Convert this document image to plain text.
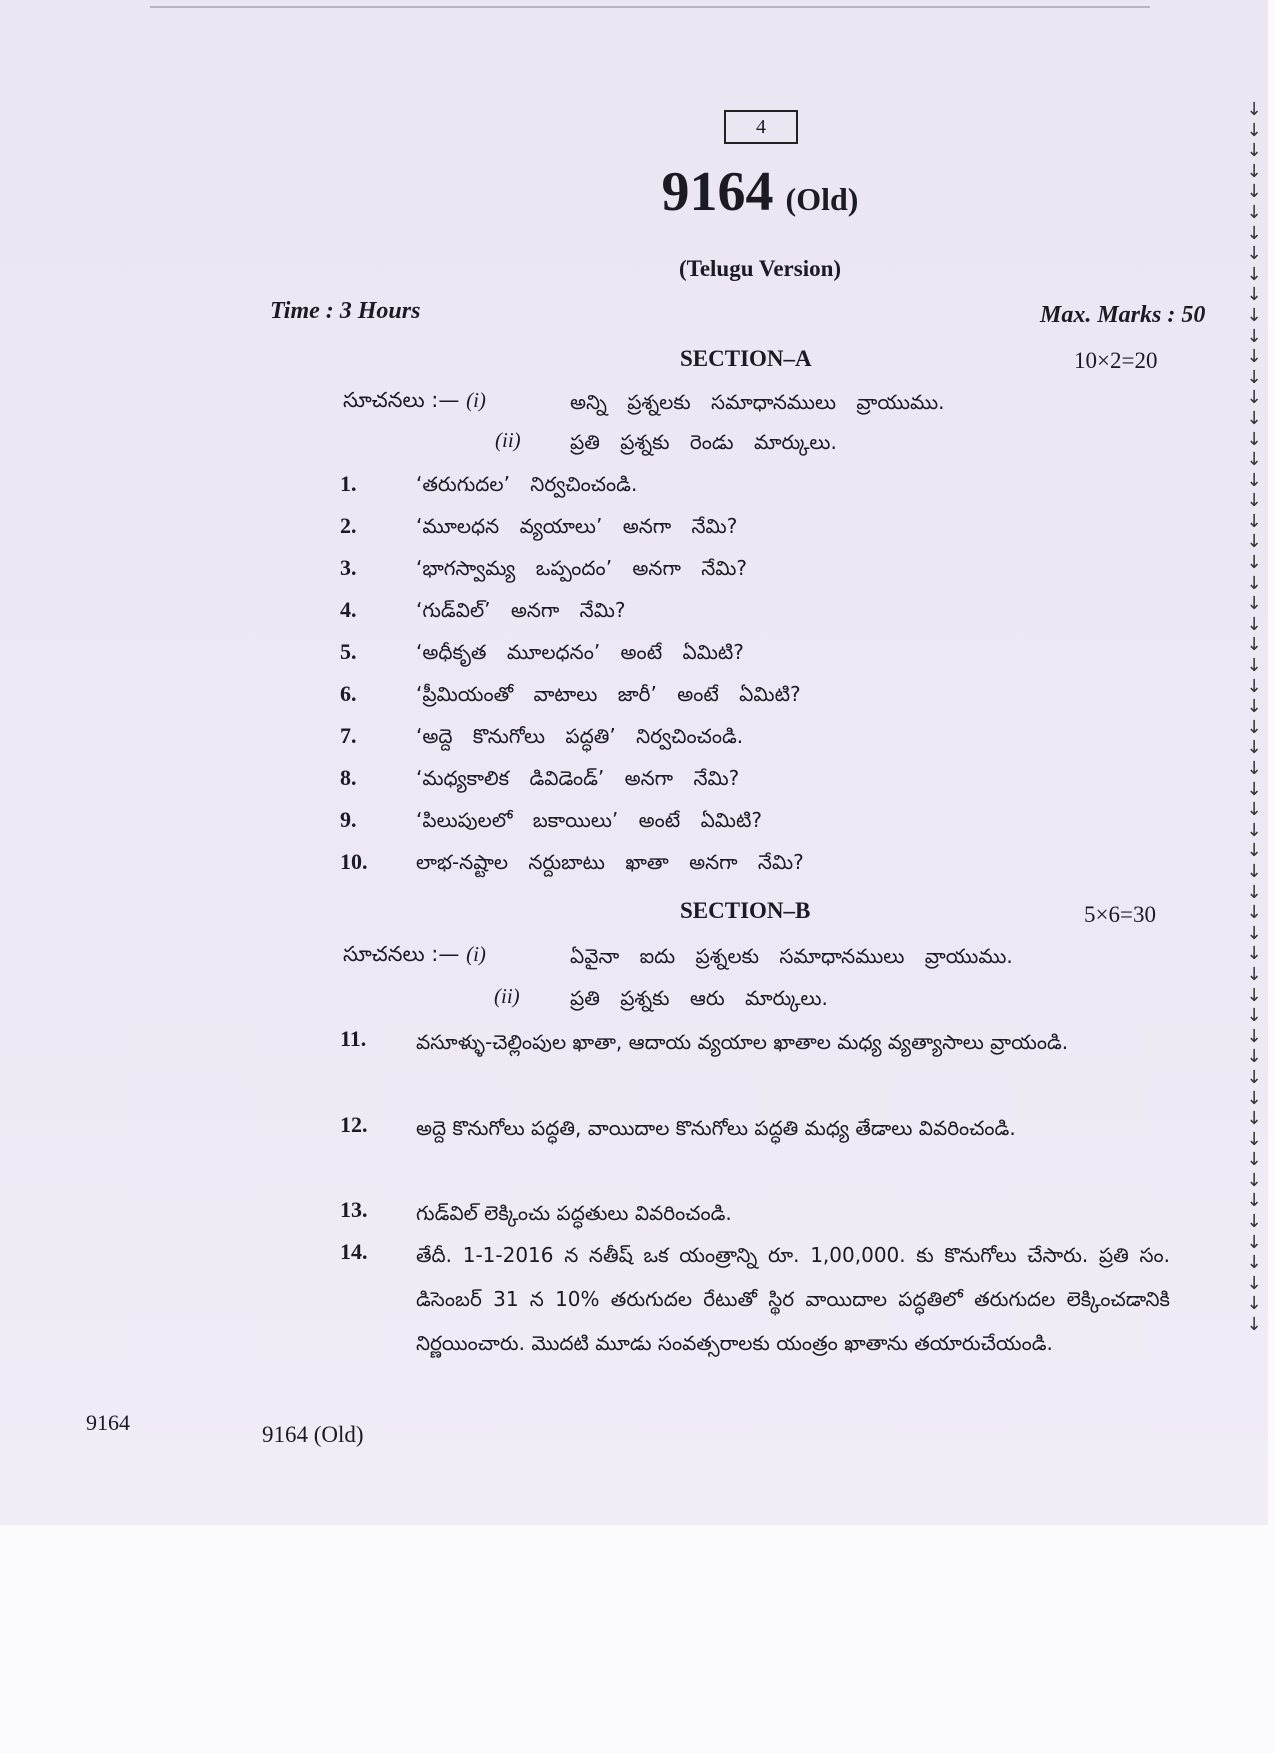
4
9164 (Old)
(Telugu Version)
Time : 3 Hours	Max. Marks : 50
SECTION–A	10×2=20
సూచనలు :— (i)	అన్ని ప్రశ్నలకు సమాధానములు వ్రాయుము.
(ii) ప్రతి ప్రశ్నకు రెండు మార్కులు.
1.	‘తరుగుదల’ నిర్వచించండి.
2.	‘మూలధన వ్యయాలు’ అనగా నేమి?
3.	‘భాగస్వామ్య ఒప్పందం’ అనగా నేమి?
4.	‘గుడ్‌విల్’ అనగా నేమి?
5.	‘అధీకృత మూలధనం’ అంటే ఏమిటి?
6.	‘ప్రీమియంతో వాటాలు జారీ’ అంటే ఏమిటి?
7.	‘అద్దె కొనుగోలు పద్ధతి’ నిర్వచించండి.
8.	‘మధ్యకాలిక డివిడెండ్’ అనగా నేమి?
9.	‘పిలుపులలో బకాయిలు’ అంటే ఏమిటి?
10. లాభ-నష్టాల నర్దుబాటు ఖాతా అనగా నేమి?
SECTION–B	5×6=30
సూచనలు :— (i)	ఏవైనా ఐదు ప్రశ్నలకు సమాధానములు వ్రాయుము.
(ii)	ప్రతి ప్రశ్నకు ఆరు మార్కులు.
11. వసూళ్ళు-చెల్లింపుల ఖాతా, ఆదాయ వ్యయాల ఖాతాల మధ్య వ్యత్యాసాలు వ్రాయండి.
12. అద్దె కొనుగోలు పద్ధతి, వాయిదాల కొనుగోలు పద్ధతి మధ్య తేడాలు వివరించండి.
13. గుడ్‌విల్ లెక్కించు పద్ధతులు వివరించండి.
14. తేదీ. 1-1-2016 న నతీష్ ఒక యంత్రాన్ని రూ. 1,00,000. కు కొనుగోలు చేసారు. ప్రతి సం. డిసెంబర్ 31 న 10% తరుగుదల రేటుతో స్థిర వాయిదాల పద్ధతిలో తరుగుదల లెక్కించడానికి నిర్ణయించారు. మొదటి మూడు సంవత్సరాలకు యంత్రం ఖాతాను తయారుచేయండి.
9164	9164 (Old)
↓
↓
↓
↓
↓
↓
↓
↓
↓
↓
↓
↓
↓
↓
↓
↓
↓
↓
↓
↓
↓
↓
↓
↓
↓
↓
↓
↓
↓
↓
↓
↓
↓
↓
↓
↓
↓
↓
↓
↓
↓
↓
↓
↓
↓
↓
↓
↓
↓
↓
↓
↓
↓
↓
↓
↓
↓
↓
↓
↓
